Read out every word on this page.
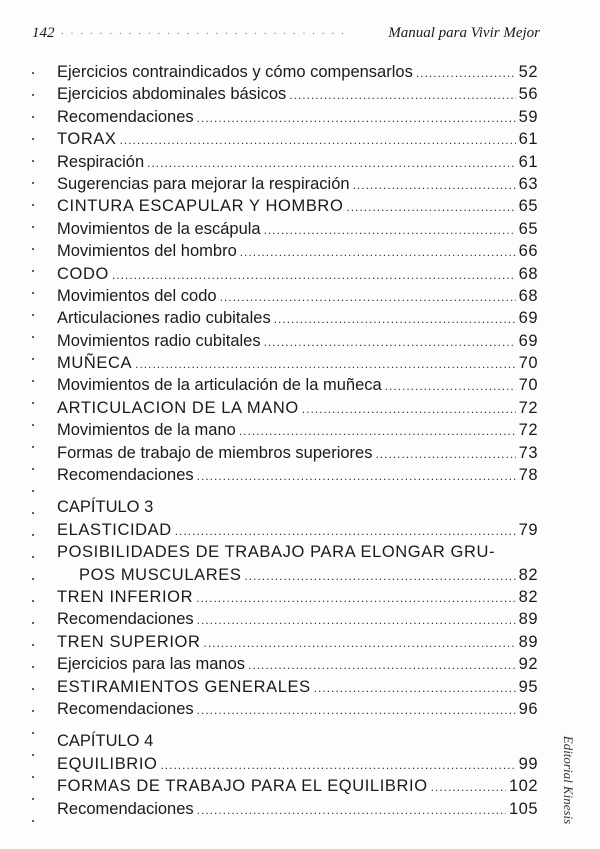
142 ······························	Manual para Vivir Mejor
Ejercicios contraindicados y cómo compensarlos .....	52
Ejercicios abdominales básicos .....	56
Recomendaciones .....	59
TORAX .....	61
Respiración .....	61
Sugerencias para mejorar la respiración .....	63
CINTURA ESCAPULAR Y HOMBRO .....	65
Movimientos de la escápula .....	65
Movimientos del hombro .....	66
CODO .....	68
Movimientos del codo .....	68
Articulaciones radio cubitales .....	69
Movimientos radio cubitales .....	69
MUÑECA .....	70
Movimientos de la articulación de la muñeca .....	70
ARTICULACION DE LA MANO .....	72
Movimientos de la mano .....	72
Formas de trabajo de miembros superiores .....	73
Recomendaciones .....	78
CAPÍTULO 3
ELASTICIDAD .....	79
POSIBILIDADES DE TRABAJO PARA ELONGAR GRU-
POS MUSCULARES .....	82
TREN INFERIOR .....	82
Recomendaciones .....	89
TREN SUPERIOR .....	89
Ejercicios para las manos .....	92
ESTIRAMIENTOS GENERALES .....	95
Recomendaciones .....	96
CAPÍTULO 4
EQUILIBRIO .....	99
FORMAS DE TRABAJO PARA EL EQUILIBRIO .....	102
Recomendaciones .....	105 Editorial Kinesis
